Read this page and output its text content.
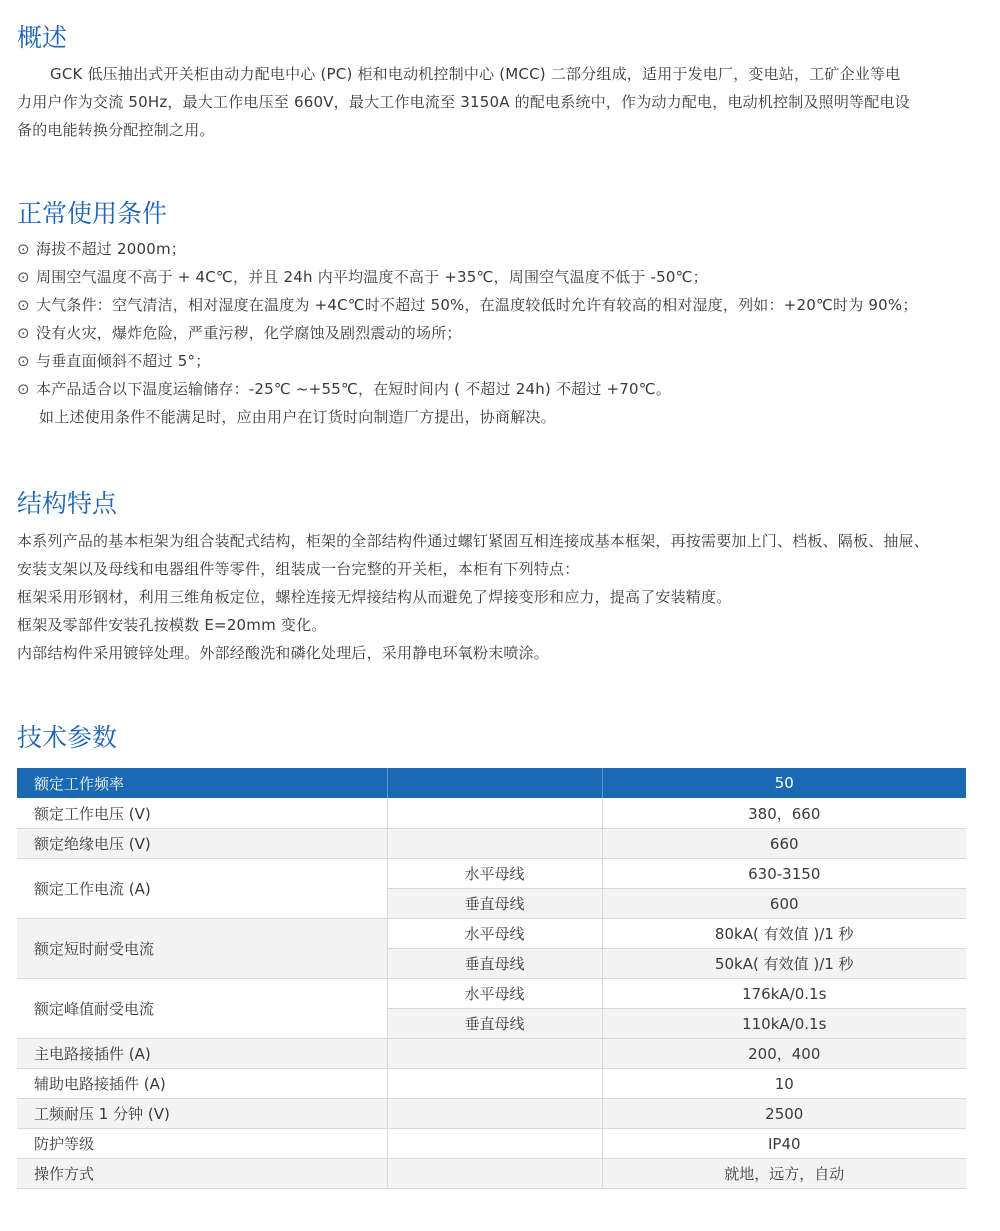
概述

GCK 低压抽出式开关柜由动力配电中心 (PC) 柜和电动机控制中心 (MCC) 二部分组成，适用于发电厂，变电站，工矿企业等电

力用户作为交流 50Hz，最大工作电压至 660V，最大工作电流至 3150A 的配电系统中，作为动力配电，电动机控制及照明等配电设

备的电能转换分配控制之用。

正常使用条件

⊙ 海拔不超过 2000m；

⊙ 周围空气温度不高于 + 4C℃，并且 24h 内平均温度不高于 +35℃，周围空气温度不低于 -50℃；

⊙ 大气条件：空气清洁，相对湿度在温度为 +4C℃时不超过 50%，在温度较低时允许有较高的相对湿度，列如：+20℃时为 90%；

⊙ 没有火灾，爆炸危险，严重污秽，化学腐蚀及剧烈震动的场所；

⊙ 与垂直面倾斜不超过 5°；

⊙ 本产品适合以下温度运输储存：-25℃ ~+55℃，在短时间内 ( 不超过 24h) 不超过 +70℃。

如上述使用条件不能满足时，应由用户在订货时向制造厂方提出，协商解决。

结构特点

本系列产品的基本柜架为组合装配式结构，柜架的全部结构件通过螺钉紧固互相连接成基本框架，再按需要加上门、档板、隔板、抽屉、

安装支架以及母线和电器组件等零件，组装成一台完整的开关柜，本柜有下列特点：

框架采用形钢材，利用三维角板定位，螺栓连接无焊接结构从而避免了焊接变形和应力，提高了安装精度。

框架及零部件安装孔按模数 E=20mm 变化。

内部结构件采用镀锌处理。外部经酸洗和磷化处理后，采用静电环氧粉末喷涂。

技术参数
额定工作频率		50
额定工作电压 (V)		380，660
额定绝缘电压 (V)		660
额定工作电流 (A)	水平母线	630-3150
	垂直母线	600
额定短时耐受电流	水平母线	80kA( 有效值 )/1 秒
	垂直母线	50kA( 有效值 )/1 秒
额定峰值耐受电流	水平母线	176kA/0.1s
	垂直母线	110kA/0.1s
主电路接插件 (A)		200，400
辅助电路接插件 (A)		10
工频耐压 1 分钟 (V)		2500
防护等级		IP40
操作方式		就地，远方，自动
